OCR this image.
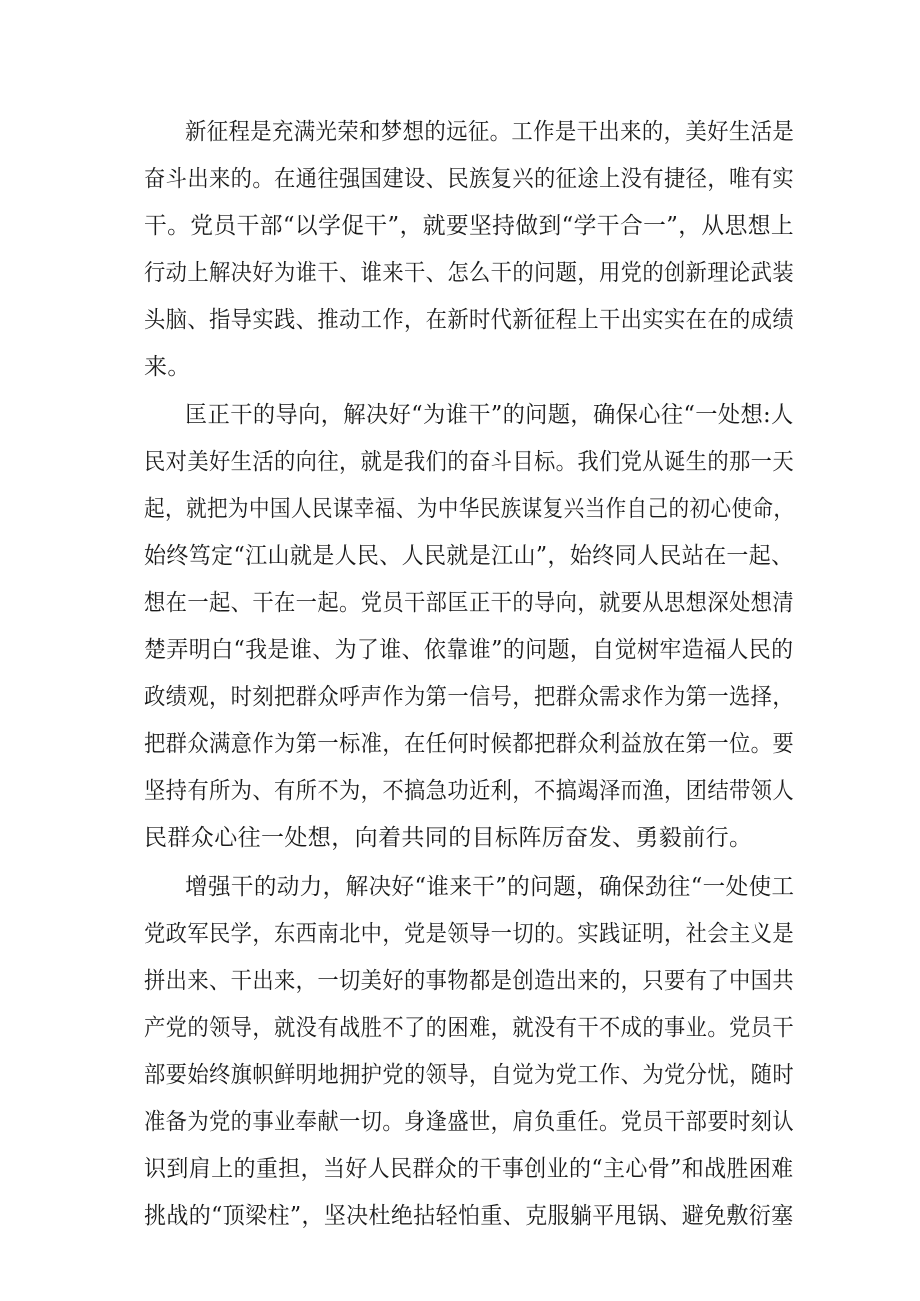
新征程是充满光荣和梦想的远征。工作是干出来的，美好生活是
奋斗出来的。在通往强国建设、民族复兴的征途上没有捷径，唯有实
干。党员干部“以学促干”，就要坚持做到“学干合一”，从思想上
行动上解决好为谁干、谁来干、怎么干的问题，用党的创新理论武装
头脑、指导实践、推动工作，在新时代新征程上干出实实在在的成绩
来。
匡正干的导向，解决好“为谁干”的问题，确保心往“一处想:人
民对美好生活的向往，就是我们的奋斗目标。我们党从诞生的那一天
起，就把为中国人民谋幸福、为中华民族谋复兴当作自己的初心使命，
始终笃定“江山就是人民、人民就是江山”，始终同人民站在一起、
想在一起、干在一起。党员干部匡正干的导向，就要从思想深处想清
楚弄明白“我是谁、为了谁、依靠谁”的问题，自觉树牢造福人民的
政绩观，时刻把群众呼声作为第一信号，把群众需求作为第一选择，
把群众满意作为第一标准，在任何时候都把群众利益放在第一位。要
坚持有所为、有所不为，不搞急功近利，不搞竭泽而渔，团结带领人
民群众心往一处想，向着共同的目标阵厉奋发、勇毅前行。
增强干的动力，解决好“谁来干”的问题，确保劲往“一处使工
党政军民学，东西南北中，党是领导一切的。实践证明，社会主义是
拼出来、干出来，一切美好的事物都是创造出来的，只要有了中国共
产党的领导，就没有战胜不了的困难，就没有干不成的事业。党员干
部要始终旗帜鲜明地拥护党的领导，自觉为党工作、为党分忧，随时
准备为党的事业奉献一切。身逢盛世，肩负重任。党员干部要时刻认
识到肩上的重担，当好人民群众的干事创业的“主心骨”和战胜困难
挑战的“顶梁柱”，坚决杜绝拈轻怕重、克服躺平甩锅、避免敷衍塞
